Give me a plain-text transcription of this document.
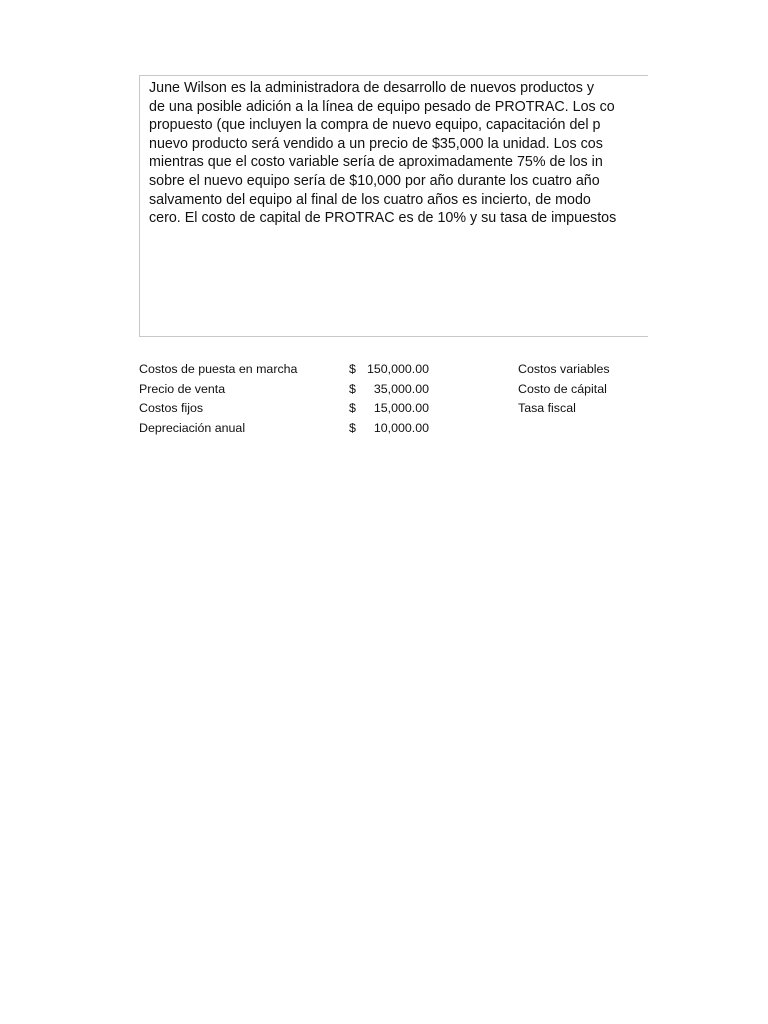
June Wilson es la administradora de desarrollo de nuevos productos y
de una posible adición a la línea de equipo pesado de PROTRAC. Los co
propuesto (que incluyen la compra de nuevo equipo, capacitación del p
nuevo producto será vendido a un precio de $35,000 la unidad. Los cos
mientras que el costo variable sería de aproximadamente 75% de los in
sobre el nuevo equipo sería de $10,000 por año durante los cuatro año
salvamento del equipo al final de los cuatro años es incierto, de modo
cero. El costo de capital de PROTRAC es de 10% y su tasa de impuestos
Costos de puesta en marcha	$ 150,000.00	Costos variables
Precio de venta	$	35,000.00	Costo de cápital
Costos fijos	$	15,000.00	Tasa fiscal
Depreciación anual	$	10,000.00
